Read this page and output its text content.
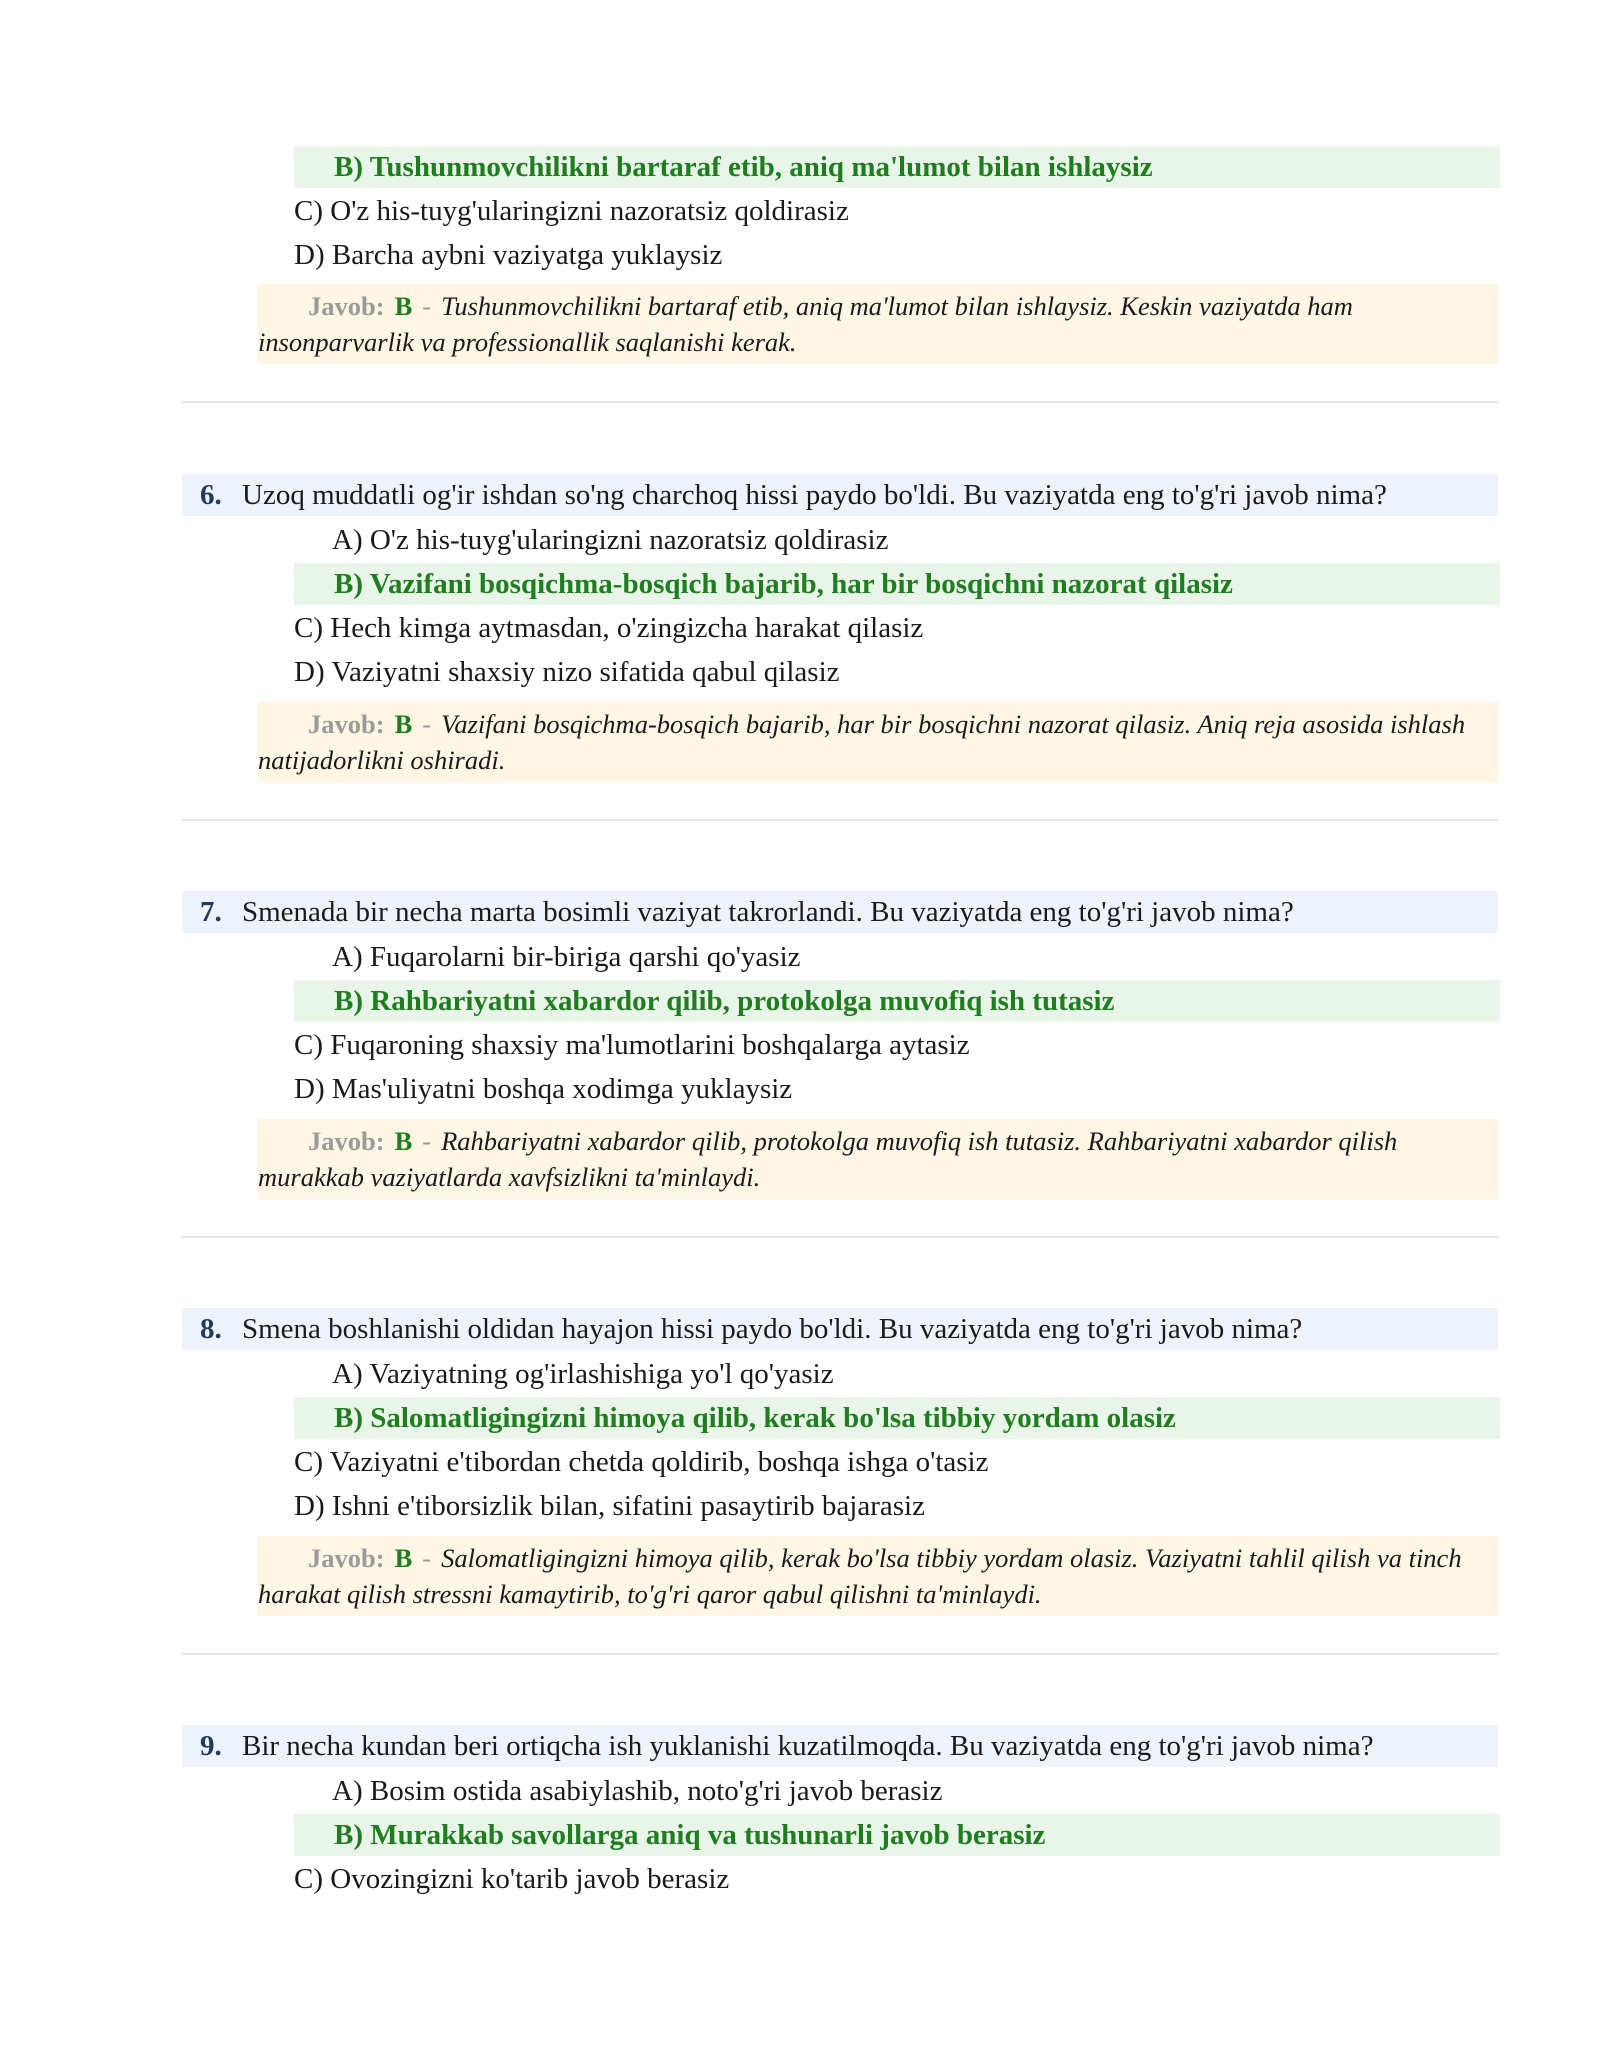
B) Tushunmovchilikni bartaraf etib, aniq ma'lumot bilan ishlaysiz
C) O'z his-tuyg'ularingizni nazoratsiz qoldirasiz
D) Barcha aybni vaziyatga yuklaysiz
Javob: B - Tushunmovchilikni bartaraf etib, aniq ma'lumot bilan ishlaysiz. Keskin vaziyatda ham insonparvarlik va professionallik saqlanishi kerak.
6. Uzoq muddatli og'ir ishdan so'ng charchoq hissi paydo bo'ldi. Bu vaziyatda eng to'g'ri javob nima?
A) O'z his-tuyg'ularingizni nazoratsiz qoldirasiz
B) Vazifani bosqichma-bosqich bajarib, har bir bosqichni nazorat qilasiz
C) Hech kimga aytmasdan, o'zingizcha harakat qilasiz
D) Vaziyatni shaxsiy nizo sifatida qabul qilasiz
Javob: B - Vazifani bosqichma-bosqich bajarib, har bir bosqichni nazorat qilasiz. Aniq reja asosida ishlash natijadorlikni oshiradi.
7. Smenada bir necha marta bosimli vaziyat takrorlandi. Bu vaziyatda eng to'g'ri javob nima?
A) Fuqarolarni bir-biriga qarshi qo'yasiz
B) Rahbariyatni xabardor qilib, protokolga muvofiq ish tutasiz
C) Fuqaroning shaxsiy ma'lumotlarini boshqalarga aytasiz
D) Mas'uliyatni boshqa xodimga yuklaysiz
Javob: B - Rahbariyatni xabardor qilib, protokolga muvofiq ish tutasiz. Rahbariyatni xabardor qilish murakkab vaziyatlarda xavfsizlikni ta'minlaydi.
8. Smena boshlanishi oldidan hayajon hissi paydo bo'ldi. Bu vaziyatda eng to'g'ri javob nima?
A) Vaziyatning og'irlashishiga yo'l qo'yasiz
B) Salomatligingizni himoya qilib, kerak bo'lsa tibbiy yordam olasiz
C) Vaziyatni e'tibordan chetda qoldirib, boshqa ishga o'tasiz
D) Ishni e'tiborsizlik bilan, sifatini pasaytirib bajarasiz
Javob: B - Salomatligingizni himoya qilib, kerak bo'lsa tibbiy yordam olasiz. Vaziyatni tahlil qilish va tinch harakat qilish stressni kamaytirib, to'g'ri qaror qabul qilishni ta'minlaydi.
9. Bir necha kundan beri ortiqcha ish yuklanishi kuzatilmoqda. Bu vaziyatda eng to'g'ri javob nima?
A) Bosim ostida asabiylashib, noto'g'ri javob berasiz
B) Murakkab savollarga aniq va tushunarli javob berasiz
C) Ovozingizni ko'tarib javob berasiz
